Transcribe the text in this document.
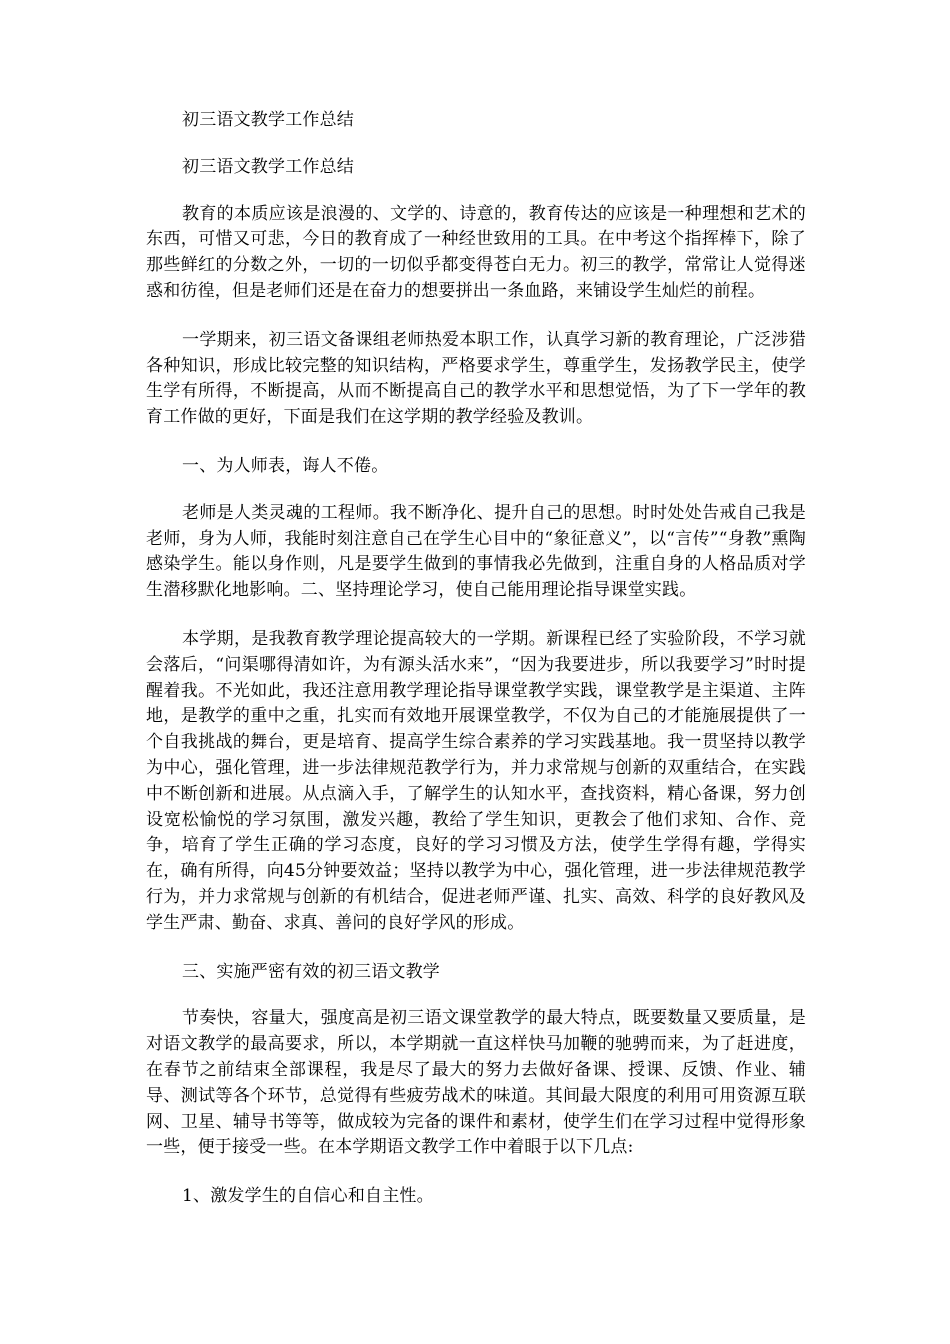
初三语文教学工作总结

初三语文教学工作总结

教育的本质应该是浪漫的、文学的、诗意的，教育传达的应该是一种理想和艺术的东西，可惜又可悲，今日的教育成了一种经世致用的工具。在中考这个指挥棒下，除了那些鲜红的分数之外，一切的一切似乎都变得苍白无力。初三的教学，常常让人觉得迷惑和彷徨，但是老师们还是在奋力的想要拼出一条血路，来铺设学生灿烂的前程。

一学期来，初三语文备课组老师热爱本职工作，认真学习新的教育理论，广泛涉猎各种知识，形成比较完整的知识结构，严格要求学生，尊重学生，发扬教学民主，使学生学有所得，不断提高，从而不断提高自己的教学水平和思想觉悟，为了下一学年的教育工作做的更好，下面是我们在这学期的教学经验及教训。

一、为人师表，诲人不倦。

老师是人类灵魂的工程师。我不断净化、提升自己的思想。时时处处告戒自己我是老师，身为人师，我能时刻注意自己在学生心目中的“象征意义”，以“言传”“身教”熏陶感染学生。能以身作则，凡是要学生做到的事情我必先做到，注重自身的人格品质对学生潜移默化地影响。二、坚持理论学习，使自己能用理论指导课堂实践。

本学期，是我教育教学理论提高较大的一学期。新课程已经了实验阶段，不学习就会落后，“问渠哪得清如许，为有源头活水来”，“因为我要进步，所以我要学习”时时提醒着我。不光如此，我还注意用教学理论指导课堂教学实践，课堂教学是主渠道、主阵地，是教学的重中之重，扎实而有效地开展课堂教学，不仅为自己的才能施展提供了一个自我挑战的舞台，更是培育、提高学生综合素养的学习实践基地。我一贯坚持以教学为中心，强化管理，进一步法律规范教学行为，并力求常规与创新的双重结合，在实践中不断创新和进展。从点滴入手，了解学生的认知水平，查找资料，精心备课，努力创设宽松愉悦的学习氛围，激发兴趣，教给了学生知识，更教会了他们求知、合作、竞争，培育了学生正确的学习态度，良好的学习习惯及方法，使学生学得有趣，学得实在，确有所得，向45分钟要效益；坚持以教学为中心，强化管理，进一步法律规范教学行为，并力求常规与创新的有机结合，促进老师严谨、扎实、高效、科学的良好教风及学生严肃、勤奋、求真、善问的良好学风的形成。

三、实施严密有效的初三语文教学

节奏快，容量大，强度高是初三语文课堂教学的最大特点，既要数量又要质量，是对语文教学的最高要求，所以，本学期就一直这样快马加鞭的驰骋而来，为了赶进度，在春节之前结束全部课程，我是尽了最大的努力去做好备课、授课、反馈、作业、辅导、测试等各个环节，总觉得有些疲劳战术的味道。其间最大限度的利用可用资源互联网、卫星、辅导书等等，做成较为完备的课件和素材，使学生们在学习过程中觉得形象一些，便于接受一些。在本学期语文教学工作中着眼于以下几点:

1、激发学生的自信心和自主性。
